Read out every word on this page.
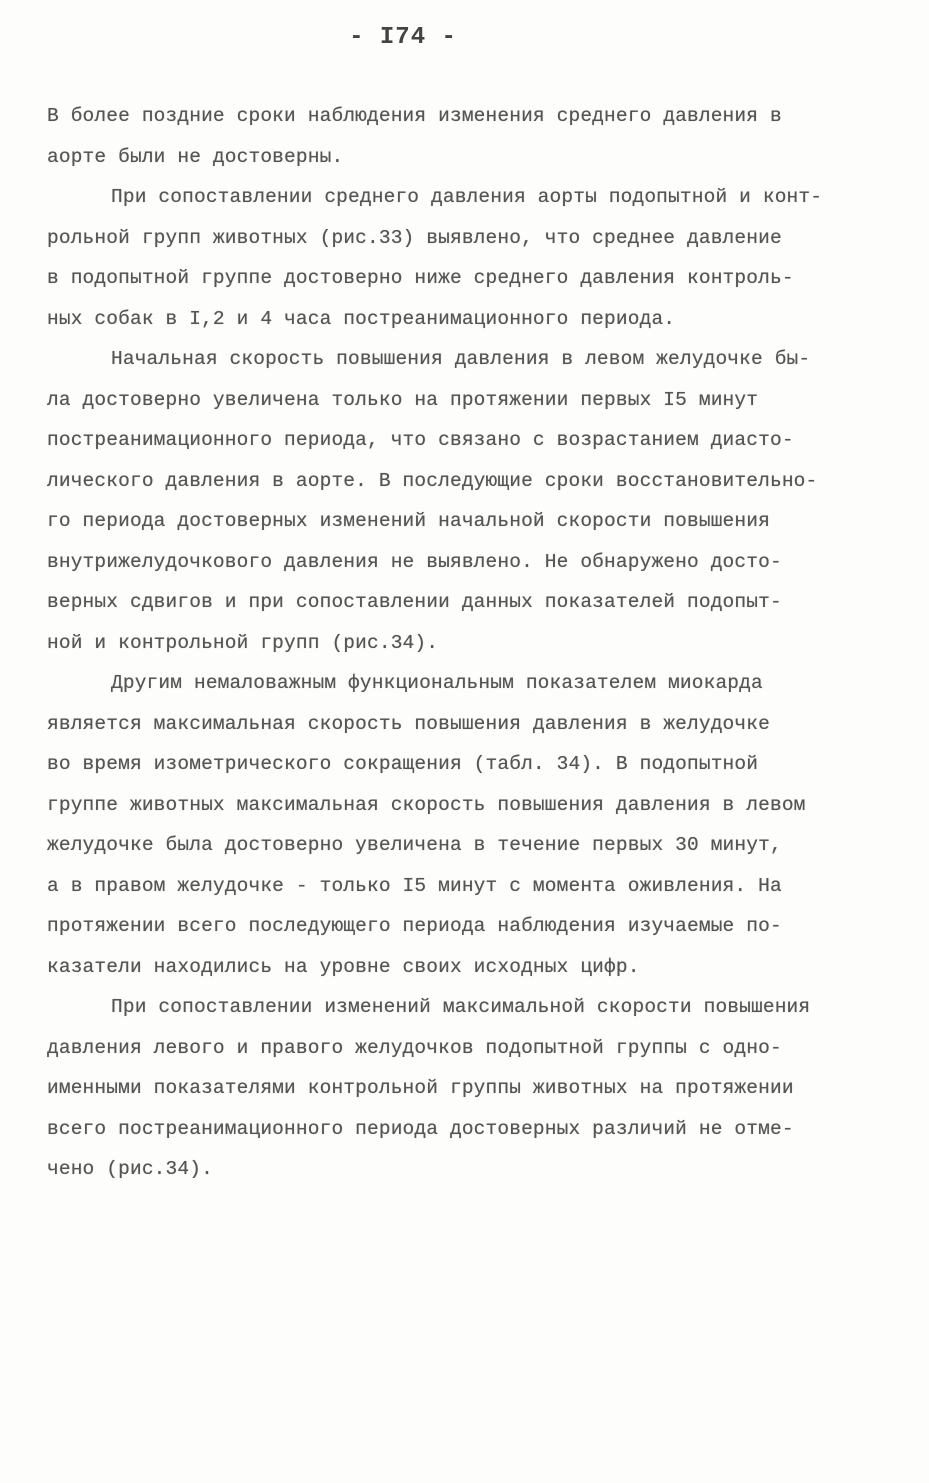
- I74 -
В более поздние сроки наблюдения изменения среднего давления в
аорте были не достоверны.
При сопоставлении среднего давления аорты подопытной и конт-
рольной групп животных (рис.33) выявлено, что среднее давление
в подопытной группе достоверно ниже среднего давления контроль-
ных собак в I,2 и 4 часа постреанимационного периода.
Начальная скорость повышения давления в левом желудочке бы-
ла достоверно увеличена только на протяжении первых I5 минут
постреанимационного периода, что связано с возрастанием диасто-
лического давления в аорте. В последующие сроки восстановительно-
го периода достоверных изменений начальной скорости повышения
внутрижелудочкового давления не выявлено. Не обнаружено досто-
верных сдвигов и при сопоставлении данных показателей подопыт-
ной и контрольной групп (рис.34).
Другим немаловажным функциональным показателем миокарда
является максимальная скорость повышения давления в желудочке
во время изометрического сокращения (табл. 34). В подопытной
группе животных максимальная скорость повышения давления в левом
желудочке была достоверно увеличена в течение первых 30 минут,
а в правом желудочке - только I5 минут с момента оживления. На
протяжении всего последующего периода наблюдения изучаемые по-
казатели находились на уровне своих исходных цифр.
При сопоставлении изменений максимальной скорости повышения
давления левого и правого желудочков подопытной группы с одно-
именными показателями контрольной группы животных на протяжении
всего постреанимационного периода достоверных различий не отме-
чено (рис.34).
